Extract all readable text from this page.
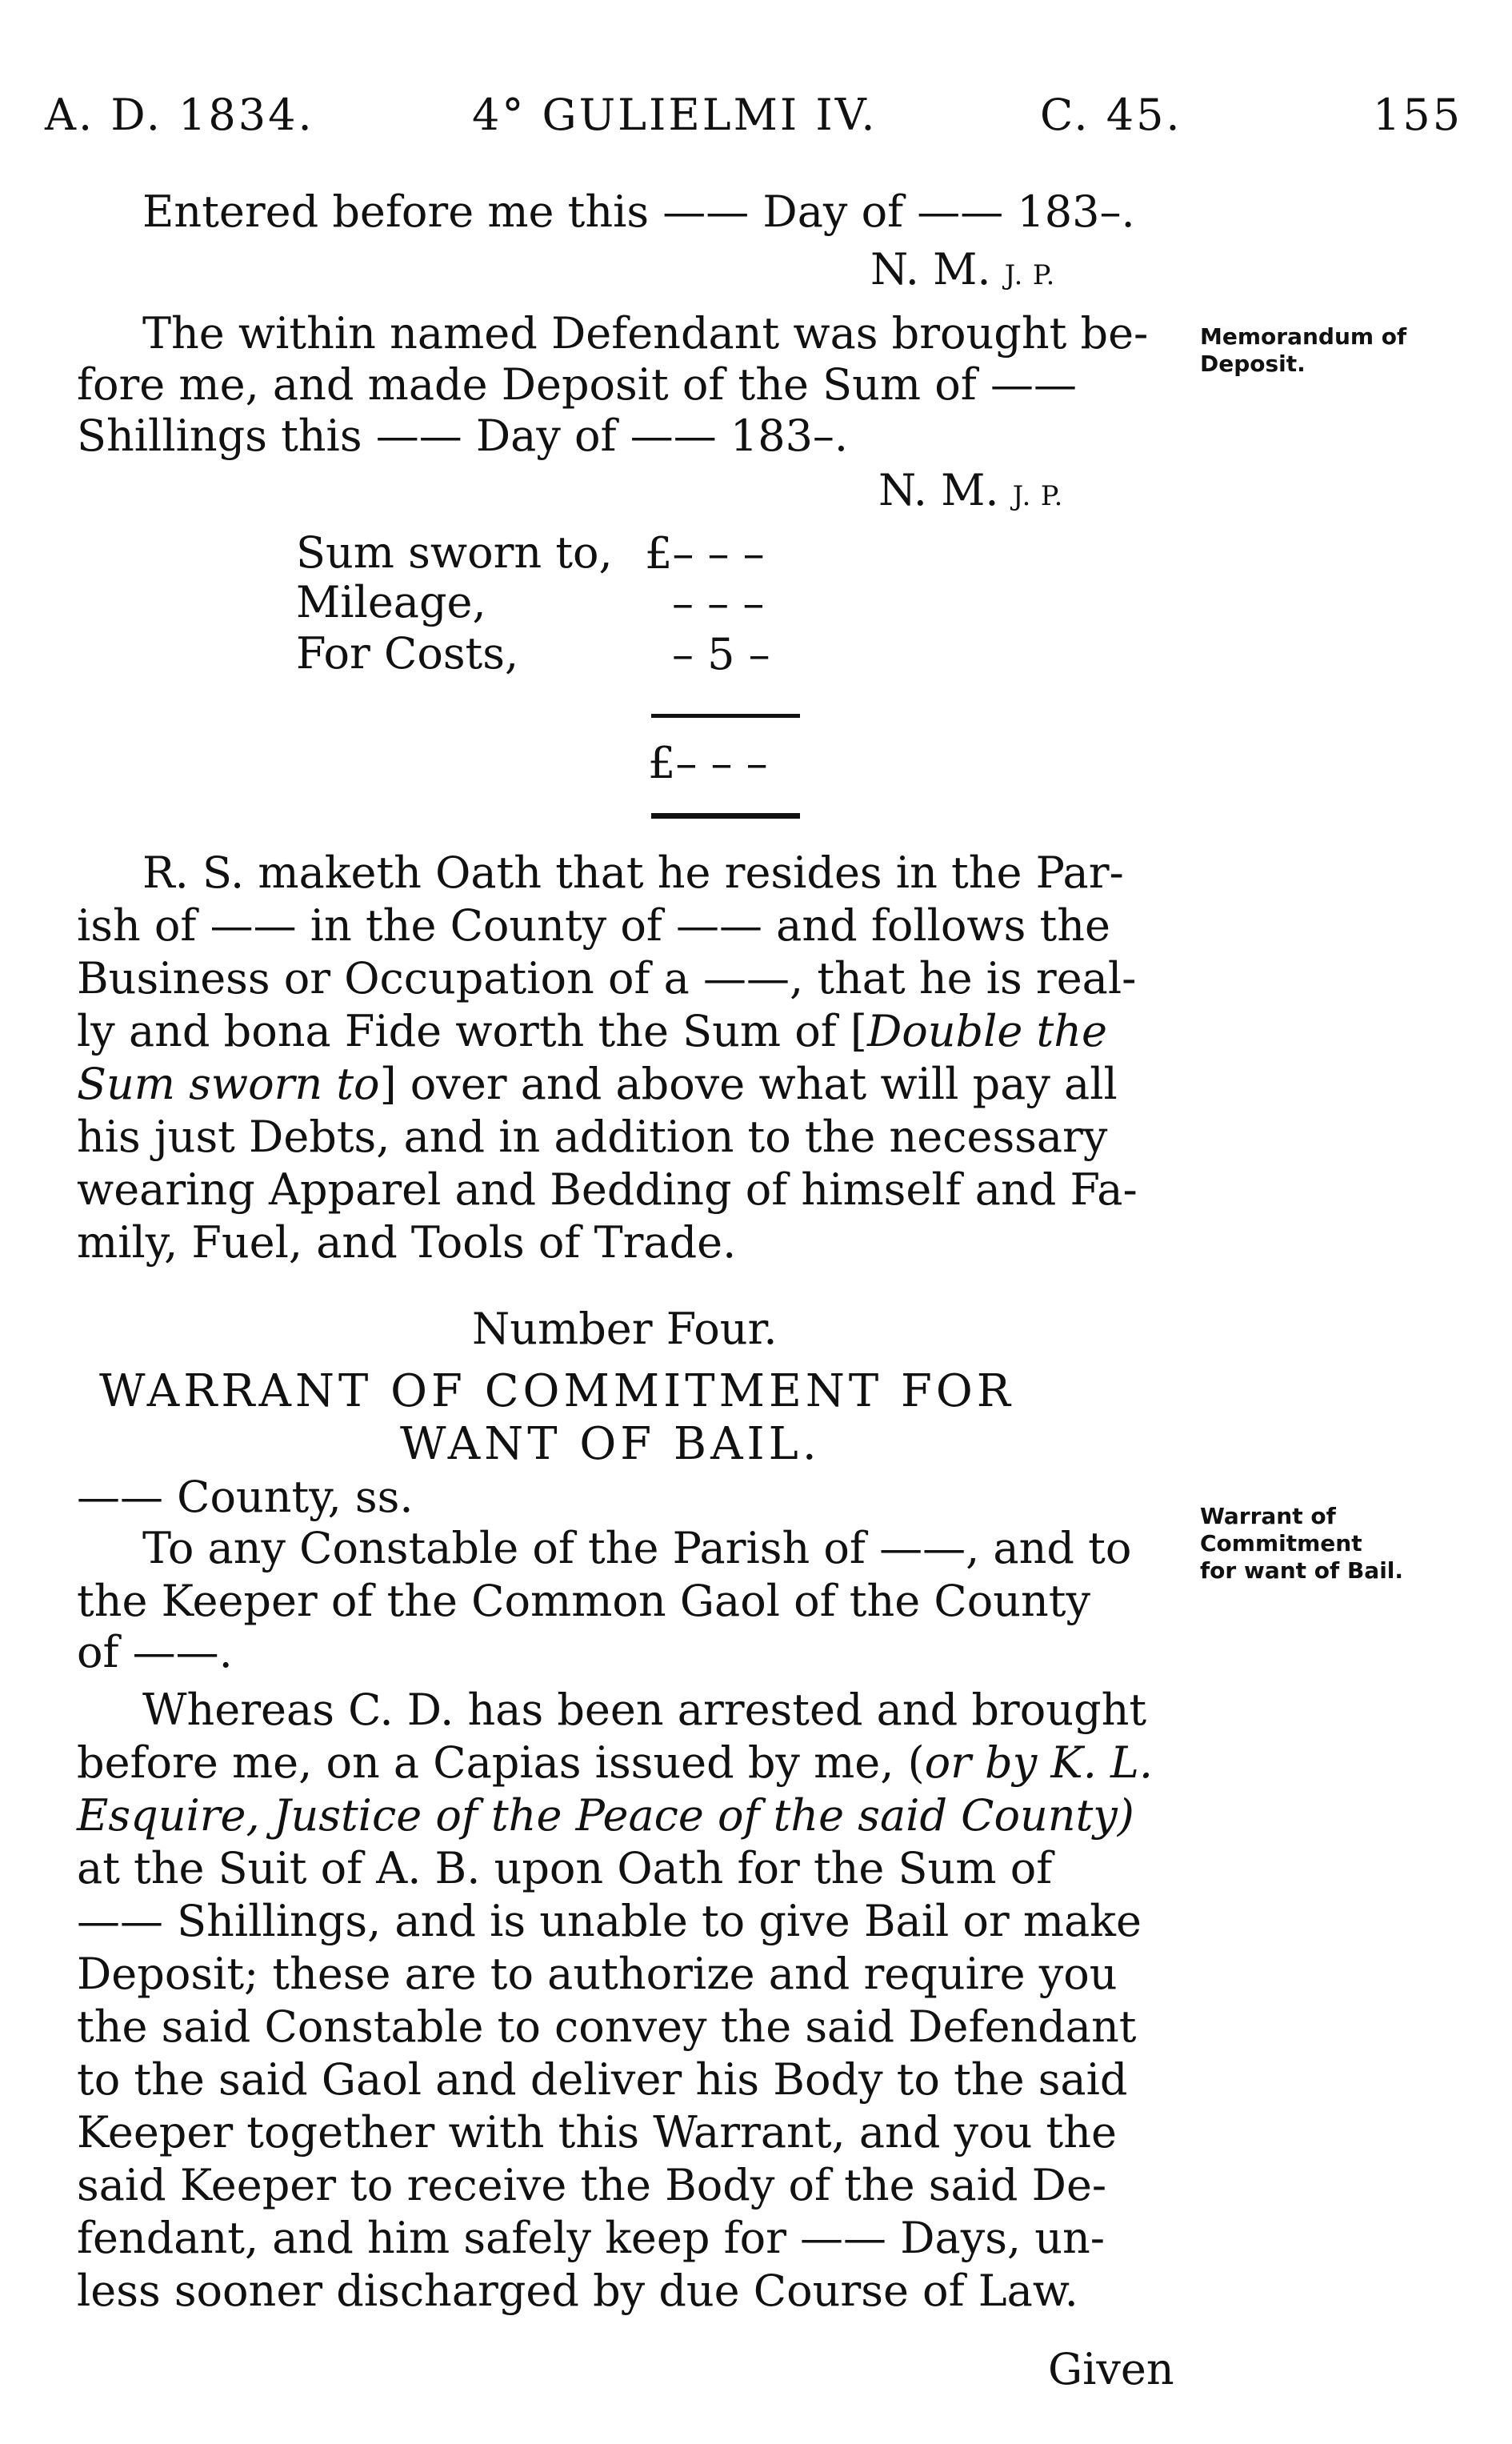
A. D. 1834.	4° GULIELMI IV.	C. 45.	155
Entered before me this —— Day of —— 183–.
N. M. J. P.
The within named Defendant was brought be-
fore me, and made Deposit of the Sum of ——
Shillings this —— Day of —— 183–.
N. M. J. P.
Memorandum of
Deposit.
Sum sworn to, £– – –
Mileage,	– – –
For Costs,	– 5 –
£– – –
R. S. maketh Oath that he resides in the Par-
ish of —— in the County of —— and follows the
Business or Occupation of a ——, that he is real-
ly and bona Fide worth the Sum of [Double the
Sum sworn to] over and above what will pay all
his just Debts, and in addition to the necessary
wearing Apparel and Bedding of himself and Fa-
mily, Fuel, and Tools of Trade.
Number Four.
WARRANT OF COMMITMENT FOR
WANT OF BAIL.
—— County, ss.
To any Constable of the Parish of ——, and to
the Keeper of the Common Gaol of the County
of ——.
Warrant of
Commitment
for want of Bail.
Whereas C. D. has been arrested and brought
before me, on a Capias issued by me, (or by K. L.
Esquire, Justice of the Peace of the said County)
at the Suit of A. B. upon Oath for the Sum of
—— Shillings, and is unable to give Bail or make
Deposit; these are to authorize and require you
the said Constable to convey the said Defendant
to the said Gaol and deliver his Body to the said
Keeper together with this Warrant, and you the
said Keeper to receive the Body of the said De-
fendant, and him safely keep for —— Days, un-
less sooner discharged by due Course of Law.
Given
